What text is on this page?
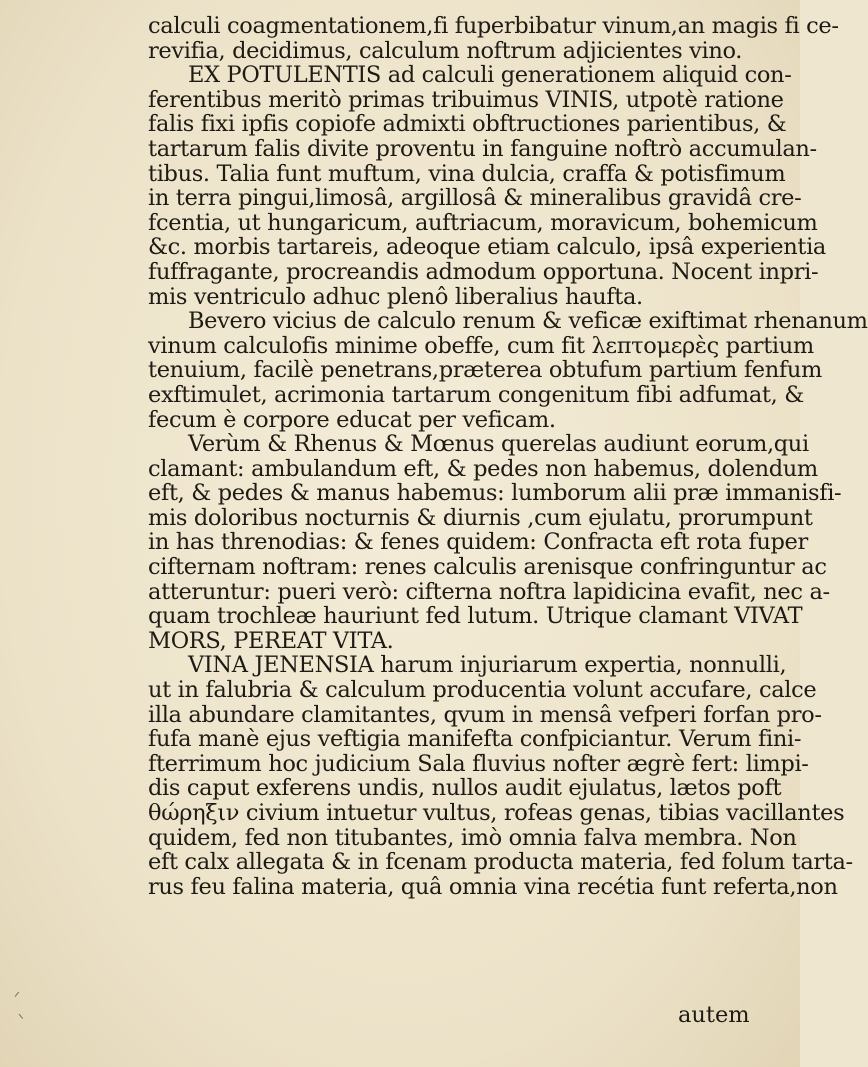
calculi coagmentationem,fi fuperbibatur vinum,an magis fi ce-
revifia, decidimus, calculum noftrum adjicientes vino.
EX POTULENTIS ad calculi generationem aliquid con-
ferentibus meritò primas tribuimus VINIS, utpotè ratione
falis fixi ipfis copiofe admixti obftructiones parientibus, &
tartarum falis divite proventu in fanguine noftrò accumulan-
tibus. Talia funt muftum, vina dulcia, craffa & potisfimum
in terra pingui,limosâ, argillosâ & mineralibus gravidâ cre-
fcentia, ut hungaricum, auftriacum, moravicum, bohemicum
&c. morbis tartareis, adeoque etiam calculo, ipsâ experientia
fuffragante, procreandis admodum opportuna. Nocent inpri-
mis ventriculo adhuc plenô liberalius haufta.
Bevero vicius de calculo renum & veficæ exiftimat rhenanum
vinum calculofis minime obeffe, cum fit λεπτομερὲς partium
tenuium, facilè penetrans,præterea obtufum partium fenfum
exftimulet, acrimonia tartarum congenitum fibi adfumat, &
fecum è corpore educat per veficam.
Verùm & Rhenus & Mœnus querelas audiunt eorum,qui
clamant: ambulandum eft, & pedes non habemus, dolendum
eft, & pedes & manus habemus: lumborum alii præ immanisfi-
mis doloribus nocturnis & diurnis ,cum ejulatu, prorumpunt
in has threnodias: & fenes quidem: Confracta eft rota fuper
cifternam noftram: renes calculis arenisque confringuntur ac
atteruntur: pueri verò: cifterna noftra lapidicina evafit, nec a-
quam trochleæ hauriunt fed lutum. Utrique clamant VIVAT
MORS, PEREAT VITA.
VINA JENENSIA harum injuriarum expertia, nonnulli,
ut in falubria & calculum producentia volunt accufare, calce
illa abundare clamitantes, qvum in mensâ vefperi forfan pro-
fufa manè ejus veftigia manifefta confpiciantur. Verum fini-
fterrimum hoc judicium Sala fluvius nofter ægrè fert: limpi-
dis caput exferens undis, nullos audit ejulatus, lætos poft
θώρηξιν civium intuetur vultus, rofeas genas, tibias vacillantes
quidem, fed non titubantes, imò omnia falva membra. Non
eft calx allegata & in fcenam producta materia, fed folum tarta-
rus feu falina materia, quâ omnia vina recétia funt referta,non
autem
ᐟ
ᐠ
